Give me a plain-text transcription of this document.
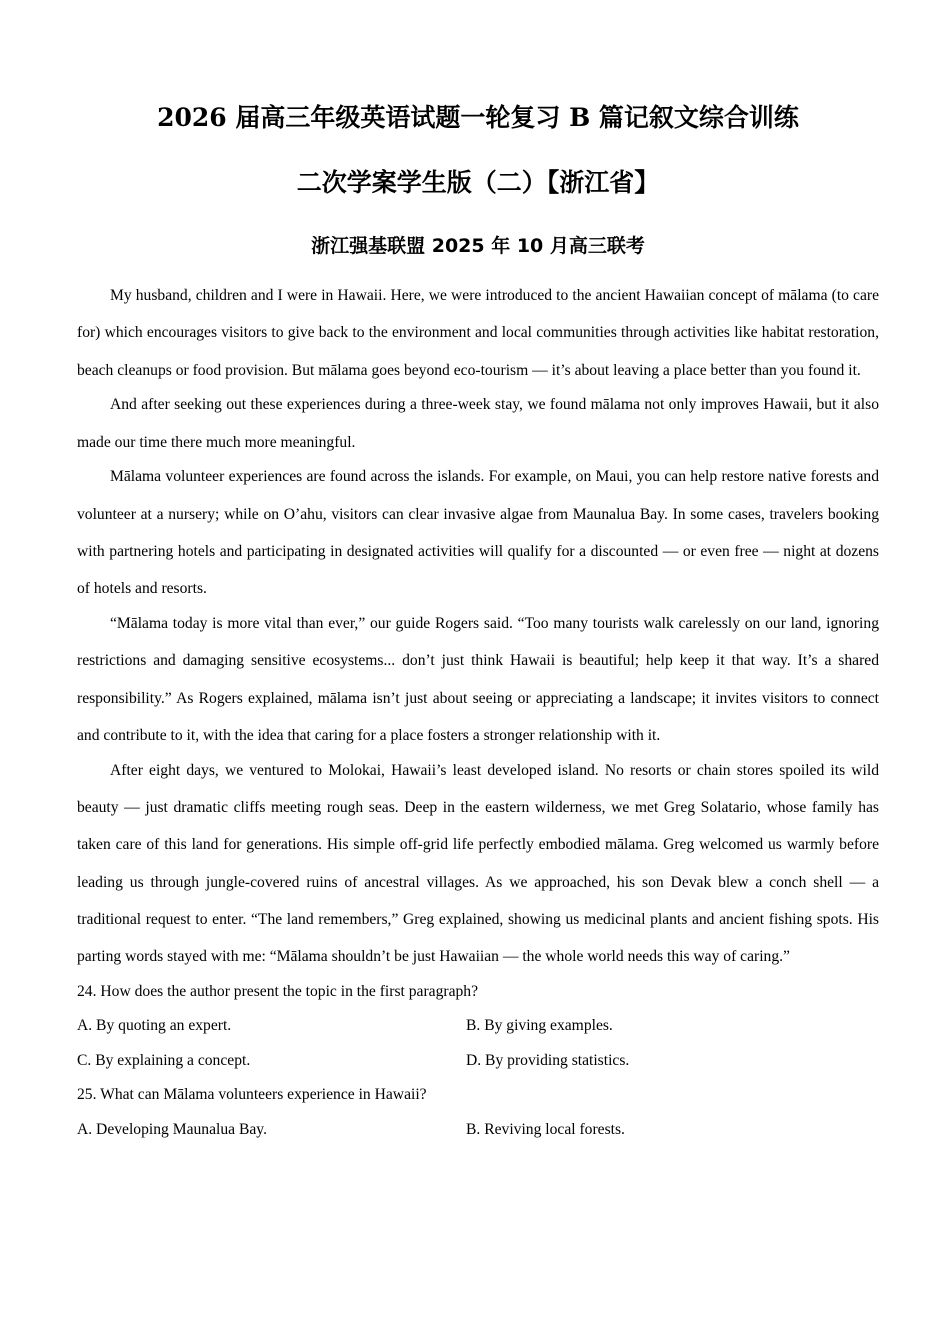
2026 届高三年级英语试题一轮复习 B 篇记叙文综合训练
二次学案学生版（二）【浙江省】
浙江强基联盟 2025 年 10 月高三联考

My husband, children and I were in Hawaii. Here, we were introduced to the ancient Hawaiian concept of mālama (to care for) which encourages visitors to give back to the environment and local communities through activities like habitat restoration, beach cleanups or food provision. But mālama goes beyond eco-tourism — it’s about leaving a place better than you found it.

And after seeking out these experiences during a three-week stay, we found mālama not only improves Hawaii, but it also made our time there much more meaningful.

Mālama volunteer experiences are found across the islands. For example, on Maui, you can help restore native forests and volunteer at a nursery; while on O’ahu, visitors can clear invasive algae from Maunalua Bay. In some cases, travelers booking with partnering hotels and participating in designated activities will qualify for a discounted — or even free — night at dozens of hotels and resorts.

“Mālama today is more vital than ever,” our guide Rogers said. “Too many tourists walk carelessly on our land, ignoring restrictions and damaging sensitive ecosystems... don’t just think Hawaii is beautiful; help keep it that way. It’s a shared responsibility.” As Rogers explained, mālama isn’t just about seeing or appreciating a landscape; it invites visitors to connect and contribute to it, with the idea that caring for a place fosters a stronger relationship with it.

After eight days, we ventured to Molokai, Hawaii’s least developed island. No resorts or chain stores spoiled its wild beauty — just dramatic cliffs meeting rough seas. Deep in the eastern wilderness, we met Greg Solatario, whose family has taken care of this land for generations. His simple off-grid life perfectly embodied mālama. Greg welcomed us warmly before leading us through jungle-covered ruins of ancestral villages. As we approached, his son Devak blew a conch shell — a traditional request to enter. “The land remembers,” Greg explained, showing us medicinal plants and ancient fishing spots. His parting words stayed with me: “Mālama shouldn’t be just Hawaiian — the whole world needs this way of caring.”

24. How does the author present the topic in the first paragraph?

A. By quoting an expert.	B. By giving examples.
C. By explaining a concept.	D. By providing statistics.

25. What can Mālama volunteers experience in Hawaii?

A. Developing Maunalua Bay.	B. Reviving local forests.
